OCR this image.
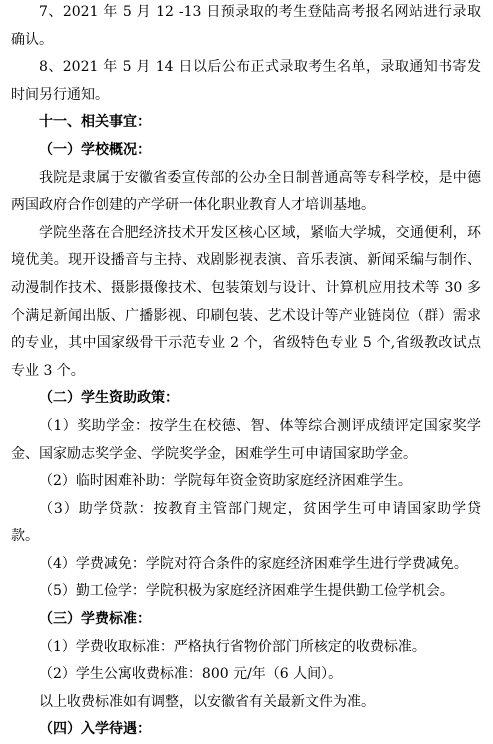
7、2021 年 5 月 12 -13 日预录取的考生登陆高考报名网站进行录取确认。

8、2021 年 5 月 14 日以后公布正式录取考生名单，录取通知书寄发时间另行通知。

十一、相关事宜：

（一）学校概况：

我院是隶属于安徽省委宣传部的公办全日制普通高等专科学校，是中德两国政府合作创建的产学研一体化职业教育人才培训基地。

学院坐落在合肥经济技术开发区核心区域，紧临大学城，交通便利，环境优美。现开设播音与主持、戏剧影视表演、音乐表演、新闻采编与制作、动漫制作技术、摄影摄像技术、包装策划与设计、计算机应用技术等 30 多个满足新闻出版、广播影视、印刷包装、艺术设计等产业链岗位（群）需求的专业，其中国家级骨干示范专业 2 个，省级特色专业 5 个,省级教改试点专业 3 个。

（二）学生资助政策：

（1）奖助学金：按学生在校德、智、体等综合测评成绩评定国家奖学金、国家励志奖学金、学院奖学金，困难学生可申请国家助学金。

（2）临时困难补助：学院每年资金资助家庭经济困难学生。

（3）助学贷款：按教育主管部门规定，贫困学生可申请国家助学贷款。

（4）学费减免：学院对符合条件的家庭经济困难学生进行学费减免。

（5）勤工俭学：学院积极为家庭经济困难学生提供勤工俭学机会。

（三）学费标准：

（1）学费收取标准：严格执行省物价部门所核定的收费标准。

（2）学生公寓收费标准：800 元/年（6 人间）。

以上收费标准如有调整，以安徽省有关最新文件为准。

（四）入学待遇：
